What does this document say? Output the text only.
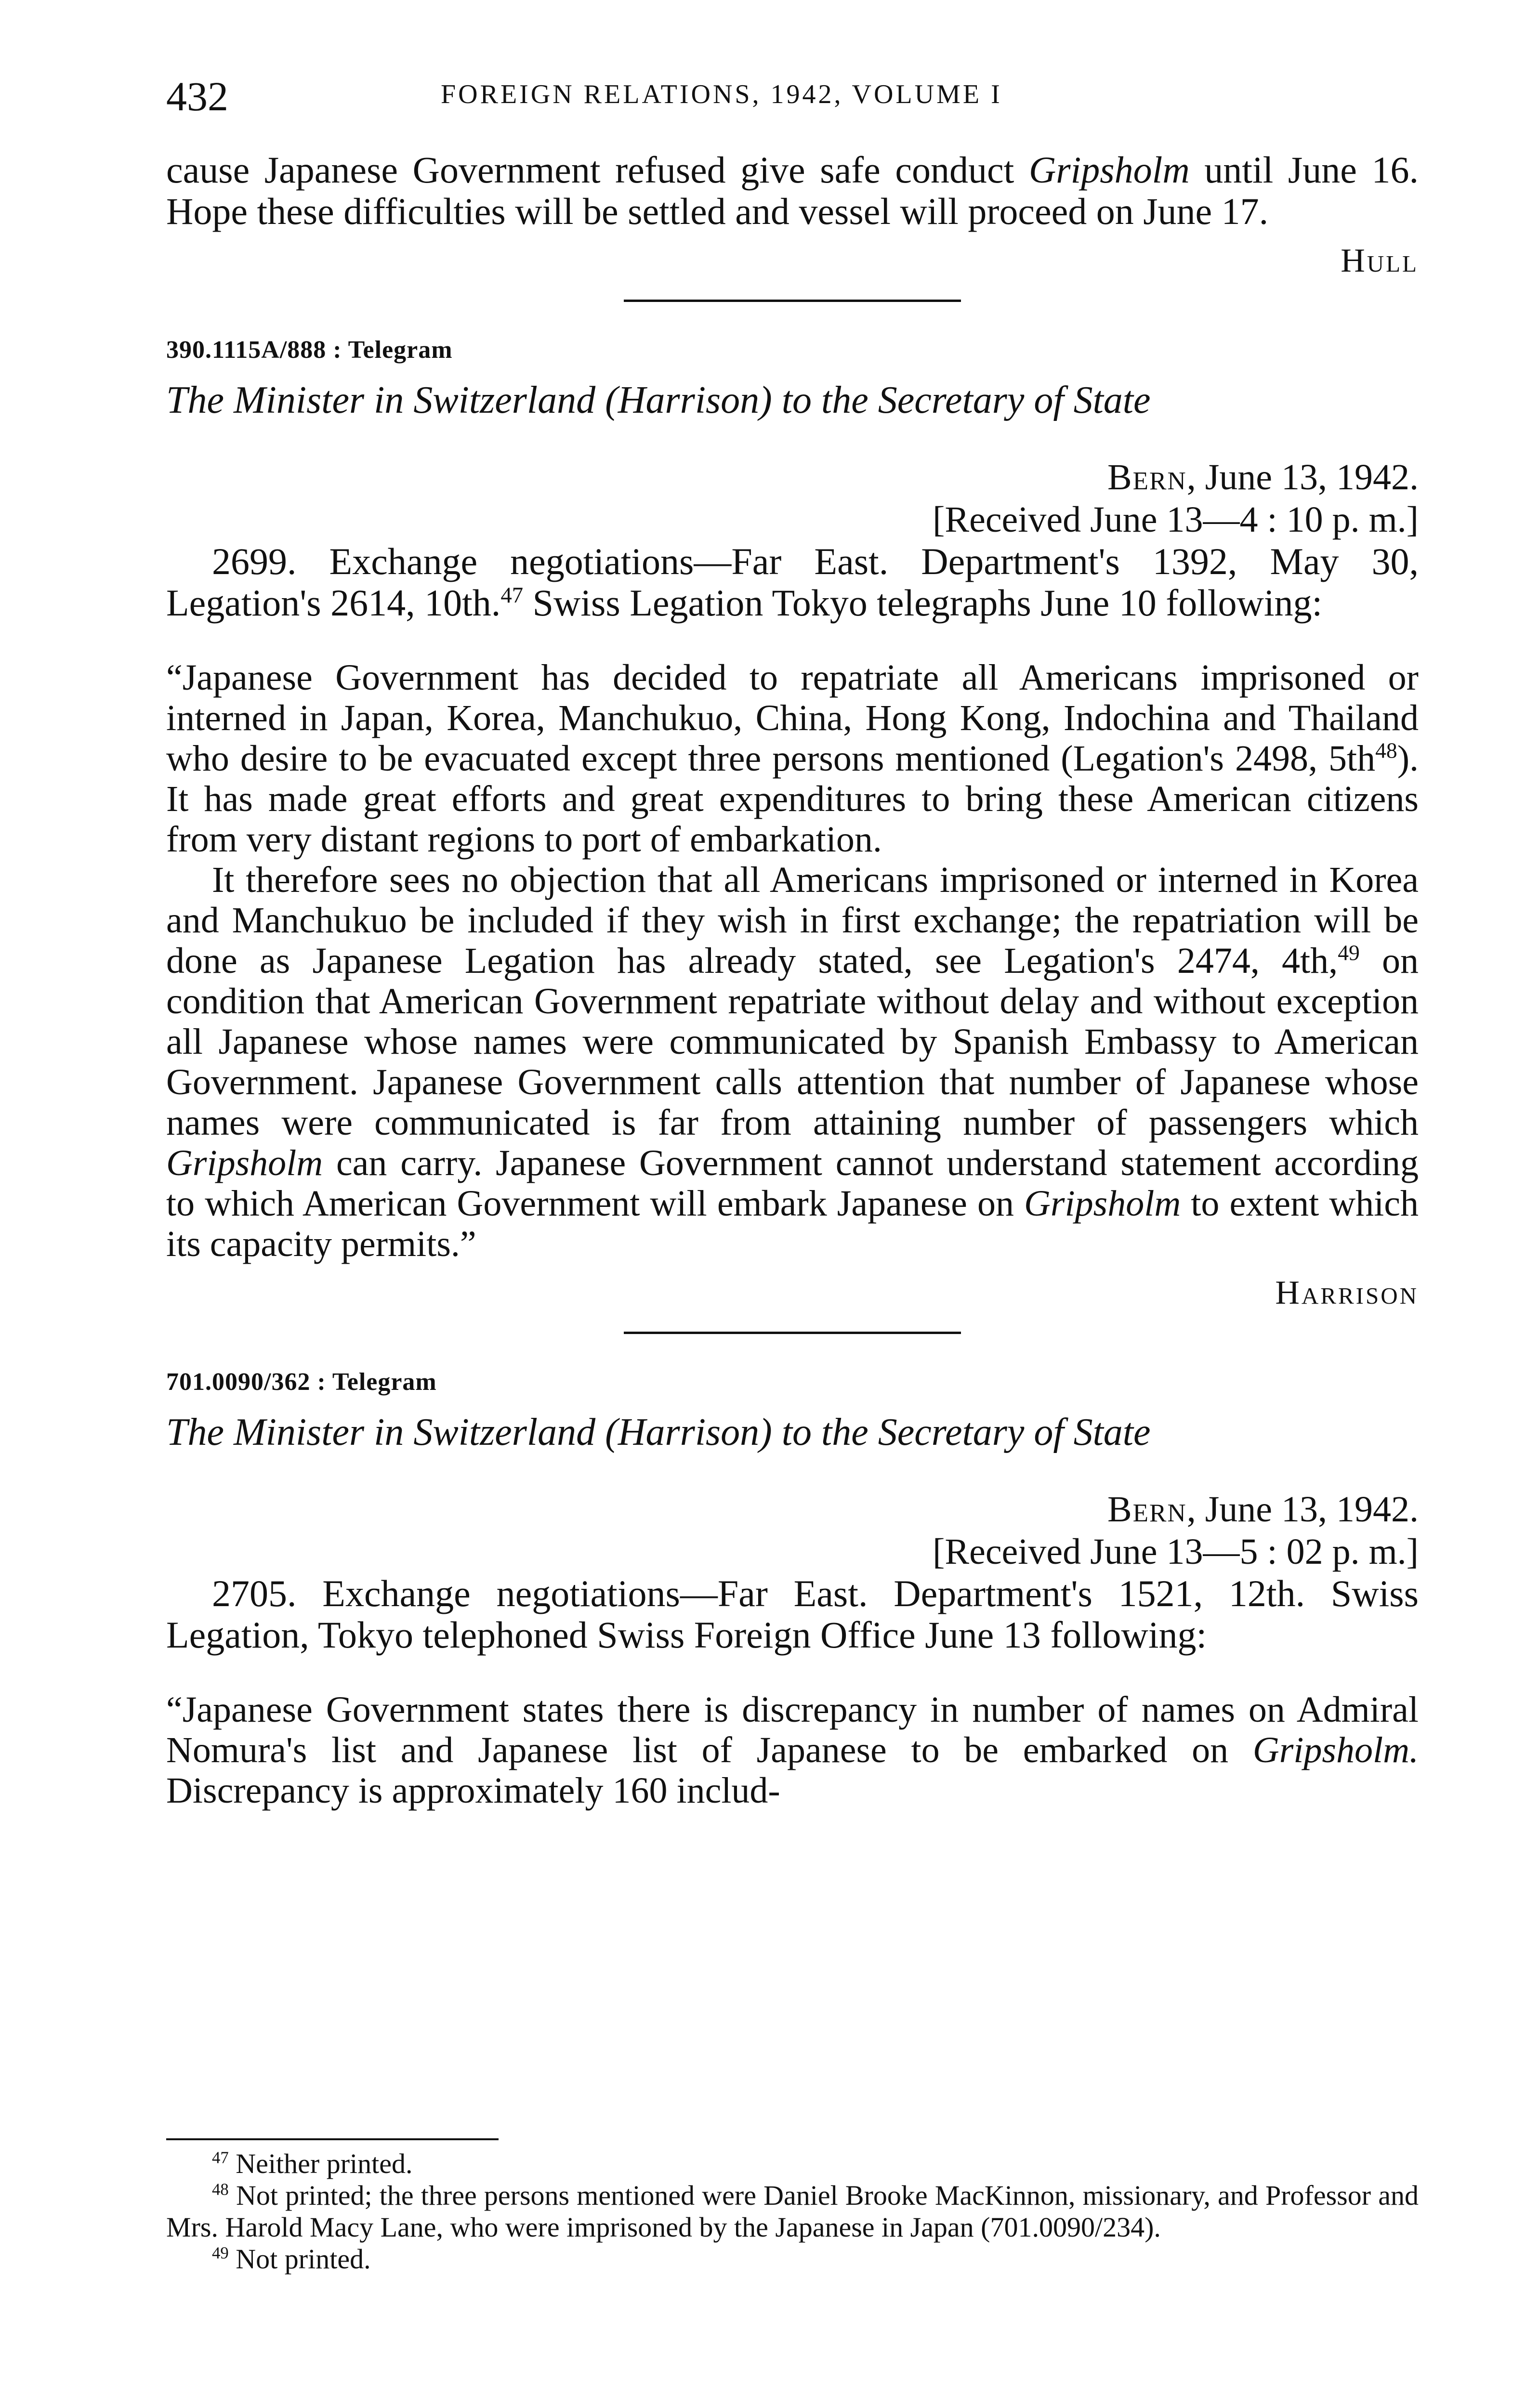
432	FOREIGN RELATIONS, 1942, VOLUME I

cause Japanese Government refused give safe conduct Gripsholm until June 16. Hope these difficulties will be settled and vessel will proceed on June 17.

Hull
390.1115A/888 : Telegram
The Minister in Switzerland (Harrison) to the Secretary of State
Bern, June 13, 1942.
[Received June 13—4 : 10 p. m.]

2699. Exchange negotiations—Far East. Department's 1392, May 30, Legation's 2614, 10th.$^{47}$ Swiss Legation Tokyo telegraphs June 10 following:

“Japanese Government has decided to repatriate all Americans imprisoned or interned in Japan, Korea, Manchukuo, China, Hong Kong, Indochina and Thailand who desire to be evacuated except three persons mentioned (Legation's 2498, $5th^{48}$). It has made great efforts and great expenditures to bring these American citizens from very distant regions to port of embarkation.

It therefore sees no objection that all Americans imprisoned or interned in Korea and Manchukuo be included if they wish in first exchange; the repatriation will be done as Japanese Legation has already stated, see Legation's 2474, 4th,$^{49}$ on condition that American Government repatriate without delay and without exception all Japanese whose names were communicated by Spanish Embassy to American Government. Japanese Government calls attention that number of Japanese whose names were communicated is far from attaining number of passengers which Gripsholm can carry. Japanese Government cannot understand statement according to which American Government will embark Japanese on Gripsholm to extent which its capacity permits.”

Harrison
701.0090/362 : Telegram
The Minister in Switzerland (Harrison) to the Secretary of State
Bern, June 13, 1942.
[Received June 13—5 : 02 p. m.]

2705. Exchange negotiations—Far East. Department's 1521, 12th. Swiss Legation, Tokyo telephoned Swiss Foreign Office June 13 following:

“Japanese Government states there is discrepancy in number of names on Admiral Nomura's list and Japanese list of Japanese to be embarked on Gripsholm. Discrepancy is approximately 160 includ-

$^{47}$ Neither printed.

$^{48}$ Not printed; the three persons mentioned were Daniel Brooke MacKinnon, missionary, and Professor and Mrs. Harold Macy Lane, who were imprisoned by the Japanese in Japan (701.0090/234).

$^{49}$ Not printed.
